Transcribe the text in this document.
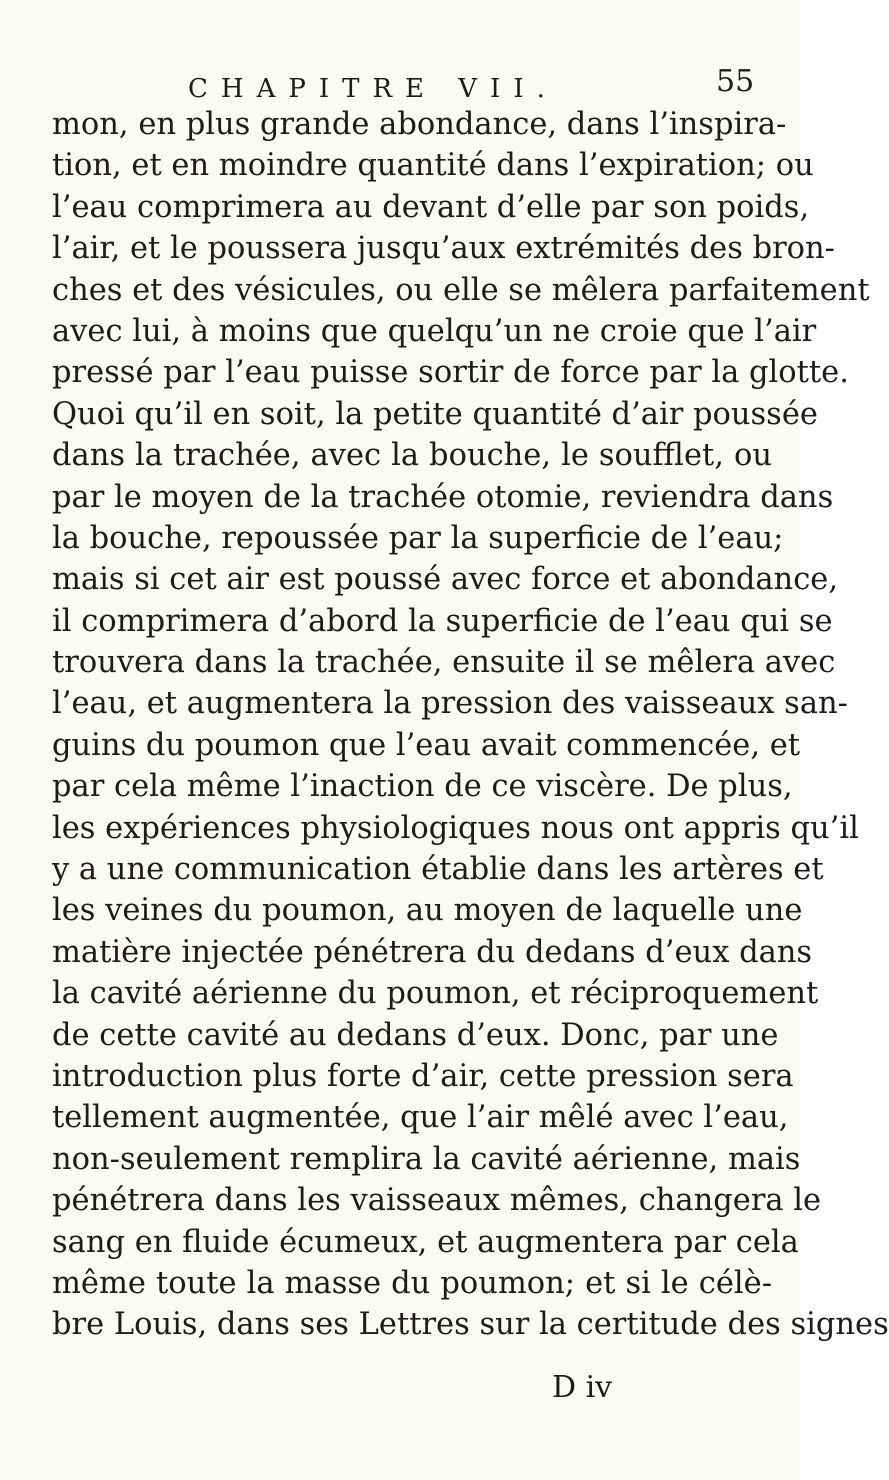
CHAPITRE VII.	55
mon, en plus grande abondance, dans l’inspira-
tion, et en moindre quantité dans l’expiration; ou
l’eau comprimera au devant d’elle par son poids,
l’air, et le poussera jusqu’aux extrémités des bron-
ches et des vésicules, ou elle se mêlera parfaitement
avec lui, à moins que quelqu’un ne croie que l’air
pressé par l’eau puisse sortir de force par la glotte.
Quoi qu’il en soit, la petite quantité d’air poussée
dans la trachée, avec la bouche, le soufflet, ou
par le moyen de la trachée otomie, reviendra dans
la bouche, repoussée par la superficie de l’eau;
mais si cet air est poussé avec force et abondance,
il comprimera d’abord la superficie de l’eau qui se
trouvera dans la trachée, ensuite il se mêlera avec
l’eau, et augmentera la pression des vaisseaux san-
guins du poumon que l’eau avait commencée, et
par cela même l’inaction de ce viscère. De plus,
les expériences physiologiques nous ont appris qu’il
y a une communication établie dans les artères et
les veines du poumon, au moyen de laquelle une
matière injectée pénétrera du dedans d’eux dans
la cavité aérienne du poumon, et réciproquement
de cette cavité au dedans d’eux. Donc, par une
introduction plus forte d’air, cette pression sera
tellement augmentée, que l’air mêlé avec l’eau,
non-seulement remplira la cavité aérienne, mais
pénétrera dans les vaisseaux mêmes, changera le
sang en fluide écumeux, et augmentera par cela
même toute la masse du poumon; et si le célè-
bre Louis, dans ses Lettres sur la certitude des signes
D iv
